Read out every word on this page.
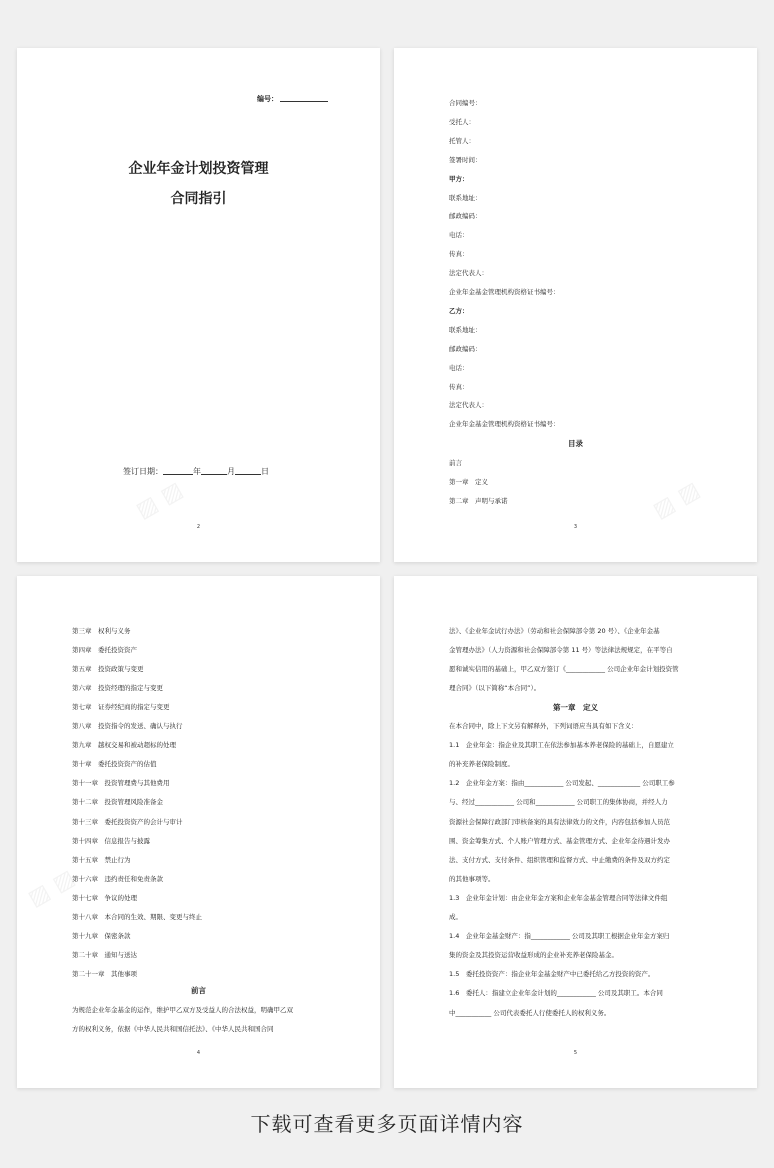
编号：
企业年金计划投资管理
合同指引
签订日期：	年	月	日
▨ ▨
2
合同编号：
受托人：
托管人：
签署时间：
甲方：
联系地址：
邮政编码：
电话：
传真：
法定代表人：
企业年金基金管理机构资格证书编号：
乙方：
联系地址：
邮政编码：
电话：
传真：
法定代表人：
企业年金基金管理机构资格证书编号：
目录
前言
第一章　定义
第二章　声明与承诺	▨ ▨
3
第三章　权利与义务
第四章　委托投资资产
第五章　投资政策与变更
第六章　投资经理的指定与变更
第七章　证券经纪商的指定与变更
第八章　投资指令的发送、确认与执行
第九章　越权交易和被动超标的处理
第十章　委托投资资产的估值
第十一章　投资管理费与其他费用
第十二章　投资管理风险准备金
第十三章　委托投资资产的会计与审计
第十四章　信息报告与披露
第十五章　禁止行为
第十六章　违约责任和免责条款
第十七章　争议的处理
第十八章　本合同的生效、期限、变更与终止
第十九章　保密条款
第二十章　通知与送达
第二十一章　其他事项
前言
为规范企业年金基金的运作，维护甲乙双方及受益人的合法权益，明确甲乙双
方的权利义务，依据《中华人民共和国信托法》、《中华人民共和国合同
▨ ▨
4
法》、《企业年金试行办法》（劳动和社会保障部令第 20 号）、《企业年金基
金管理办法》（人力资源和社会保障部令第 11 号）等法律法规规定，在平等自
愿和诚实信用的基础上，甲乙双方签订《____________ 公司企业年金计划投资管
理合同》（以下简称“本合同”）。
第一章　定义
在本合同中，除上下文另有解释外，下列词语应当具有如下含义：
1.1　企业年金：指企业及其职工在依法参加基本养老保险的基础上，自愿建立
的补充养老保险制度。
1.2　企业年金方案：指由____________ 公司发起、_____________ 公司职工参
与、经过____________ 公司和____________ 公司职工的集体协商，并经人力
资源社会保障行政部门审核备案的具有法律效力的文件，内容包括参加人员范
围、资金筹集方式、个人账户管理方式、基金管理方式、企业年金待遇计发办
法、支付方式、支付条件、组织管理和监督方式、中止缴费的条件及双方约定
的其他事项等。
1.3　企业年金计划：由企业年金方案和企业年金基金管理合同等法律文件组
成。
1.4　企业年金基金财产：指____________ 公司及其职工根据企业年金方案归
集的资金及其投资运营收益形成的企业补充养老保险基金。
1.5　委托投资资产：指企业年金基金财产中已委托给乙方投资的资产。
1.6　委托人：指建立企业年金计划的____________ 公司及其职工。本合同
中___________ 公司代表委托人行使委托人的权利义务。
5
下载可查看更多页面详情内容
